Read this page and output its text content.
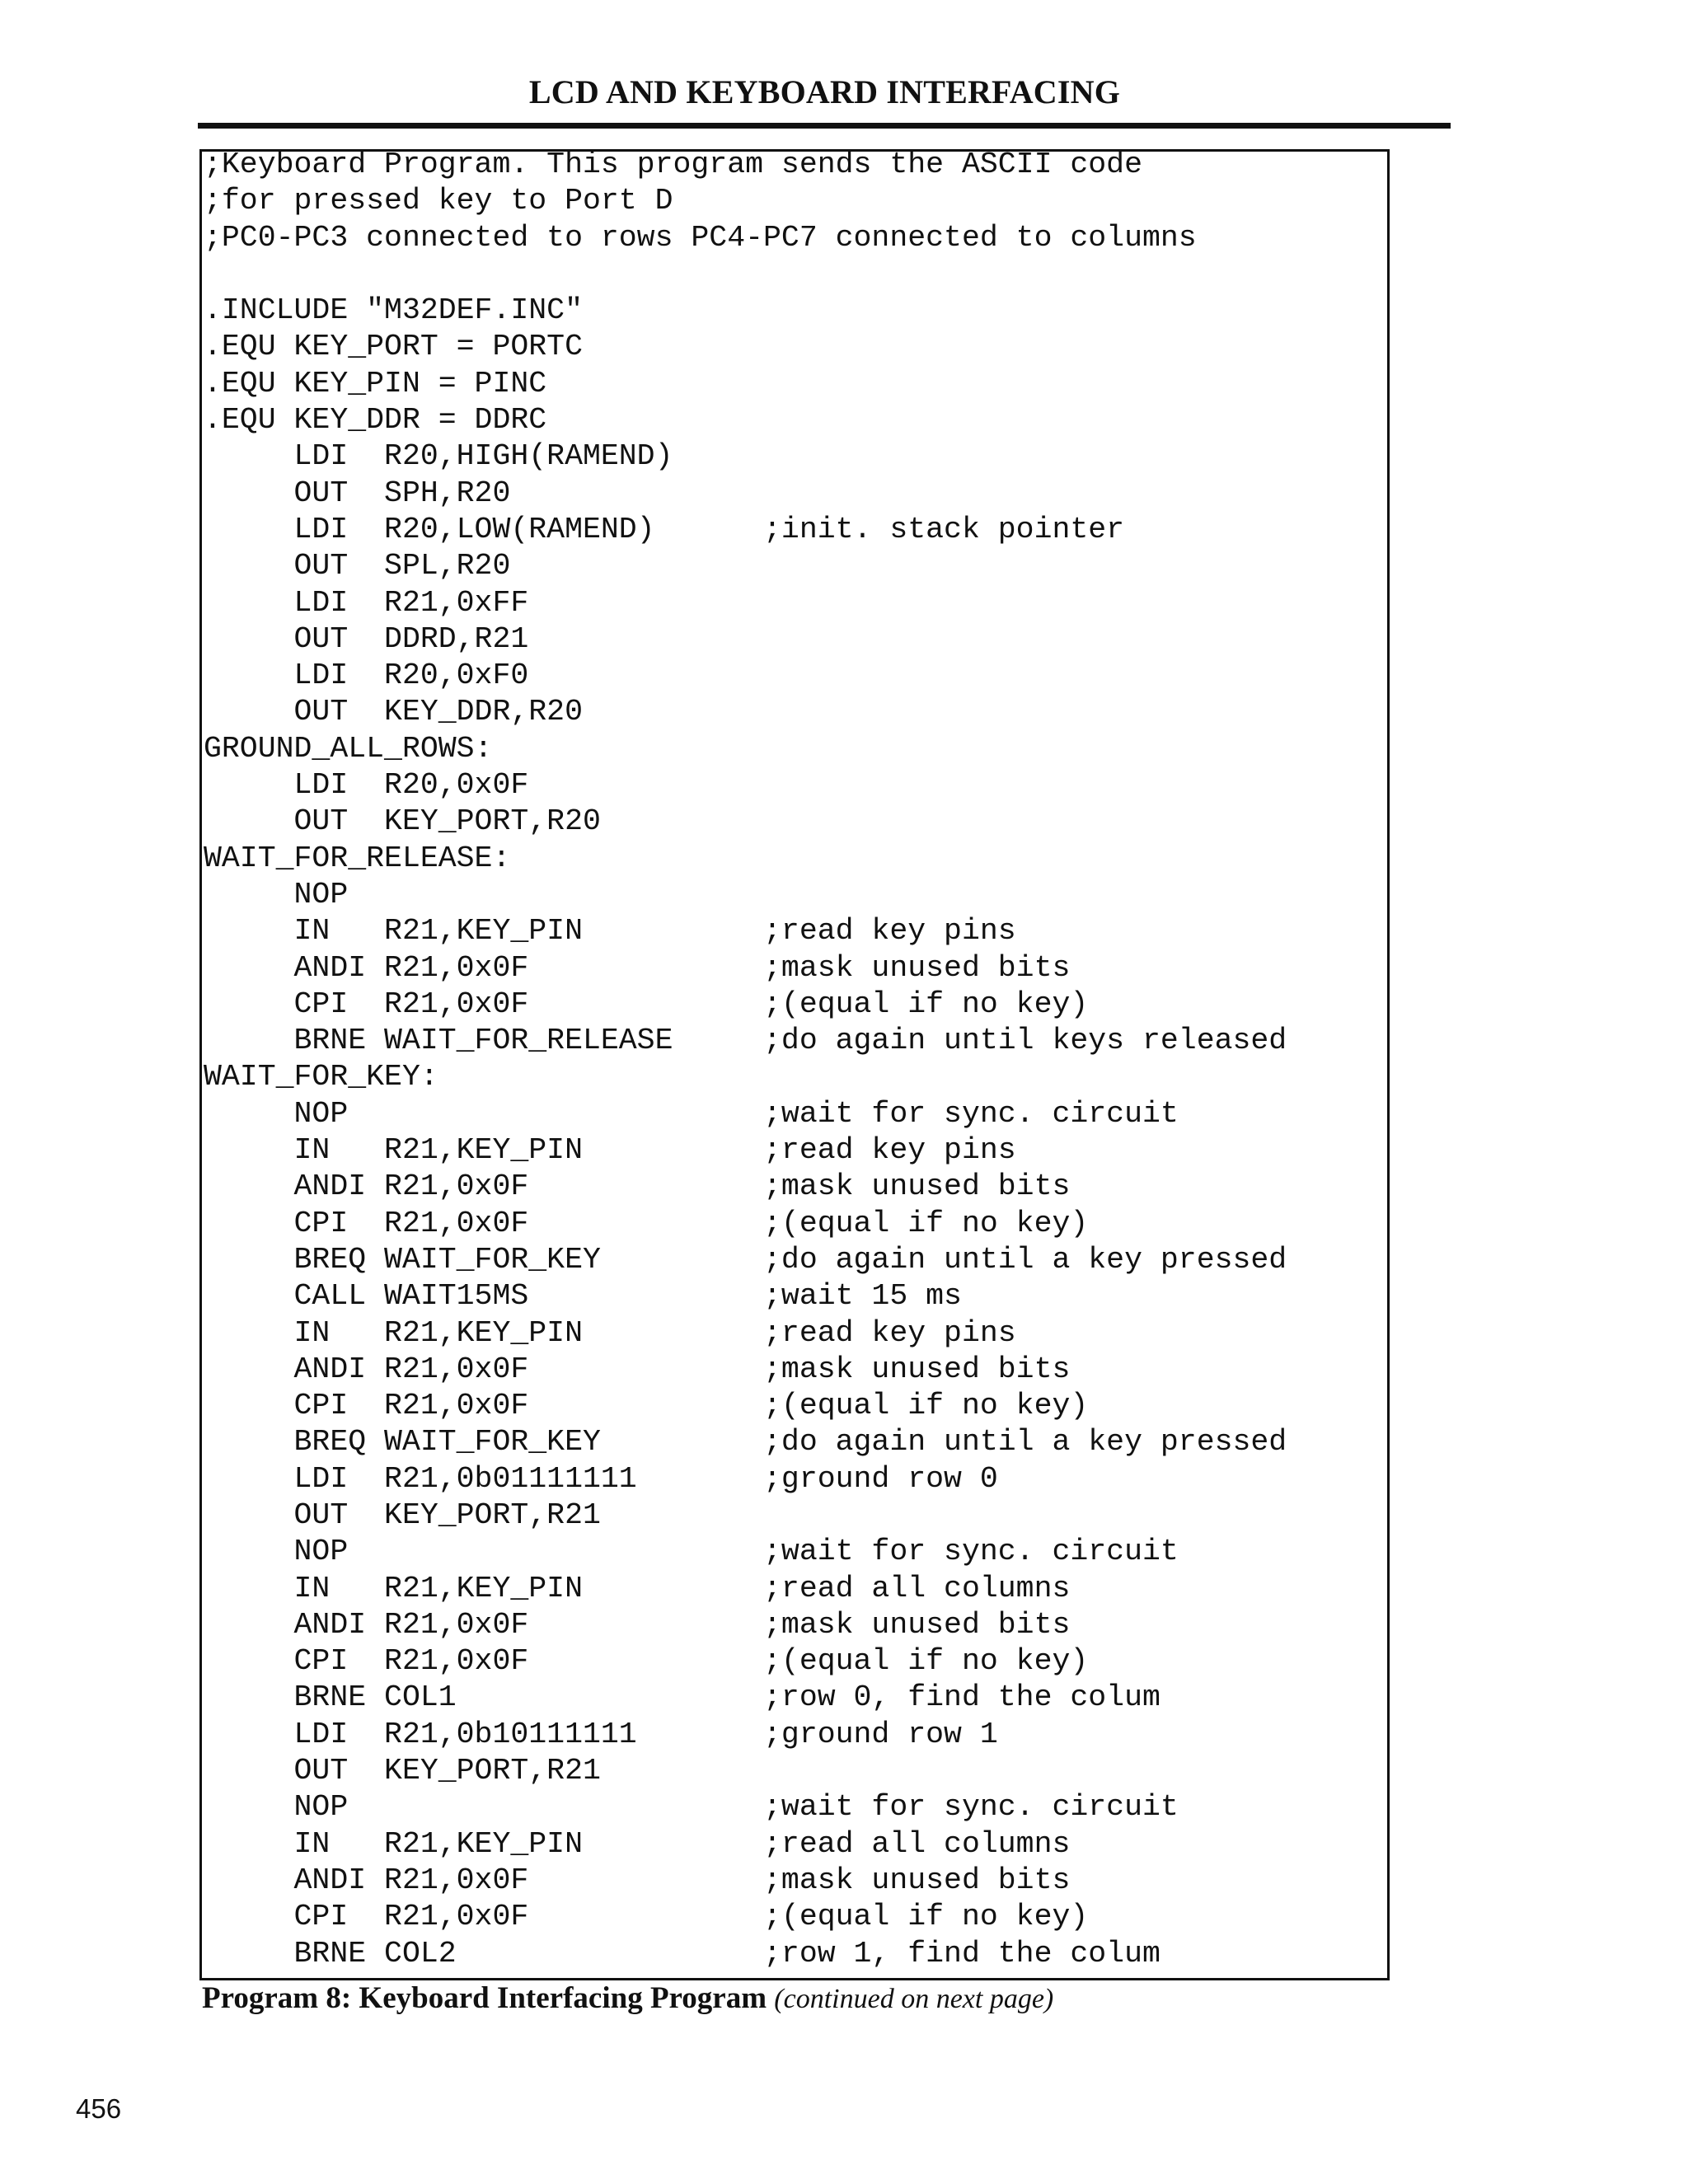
LCD AND KEYBOARD INTERFACING
;Keyboard Program. This program sends the ASCII code
;for pressed key to Port D
;PC0-PC3 connected to rows PC4-PC7 connected to columns
.INCLUDE "M32DEF.INC"
.EQU KEY_PORT = PORTC
.EQU KEY_PIN = PINC
.EQU KEY_DDR = DDRC
LDI  R20,HIGH(RAMEND)
OUT  SPH,R20
LDI  R20,LOW(RAMEND)      ;init. stack pointer
OUT  SPL,R20
LDI  R21,0xFF
OUT  DDRD,R21
LDI  R20,0xF0
OUT  KEY_DDR,R20
GROUND_ALL_ROWS:
LDI  R20,0x0F
OUT  KEY_PORT,R20
WAIT_FOR_RELEASE:
NOP
IN   R21,KEY_PIN          ;read key pins
ANDI R21,0x0F             ;mask unused bits
CPI  R21,0x0F             ;(equal if no key)
BRNE WAIT_FOR_RELEASE     ;do again until keys released
WAIT_FOR_KEY:
NOP                       ;wait for sync. circuit
IN   R21,KEY_PIN          ;read key pins
ANDI R21,0x0F             ;mask unused bits
CPI  R21,0x0F             ;(equal if no key)
BREQ WAIT_FOR_KEY         ;do again until a key pressed
CALL WAIT15MS             ;wait 15 ms
IN   R21,KEY_PIN          ;read key pins
ANDI R21,0x0F             ;mask unused bits
CPI  R21,0x0F             ;(equal if no key)
BREQ WAIT_FOR_KEY         ;do again until a key pressed
LDI  R21,0b01111111       ;ground row 0
OUT  KEY_PORT,R21
NOP                       ;wait for sync. circuit
IN   R21,KEY_PIN          ;read all columns
ANDI R21,0x0F             ;mask unused bits
CPI  R21,0x0F             ;(equal if no key)
BRNE COL1                 ;row 0, find the colum
LDI  R21,0b10111111       ;ground row 1
OUT  KEY_PORT,R21
NOP                       ;wait for sync. circuit
IN   R21,KEY_PIN          ;read all columns
ANDI R21,0x0F             ;mask unused bits
CPI  R21,0x0F             ;(equal if no key)
BRNE COL2                 ;row 1, find the colum
Program 8: Keyboard Interfacing Program (continued on next page)
456
